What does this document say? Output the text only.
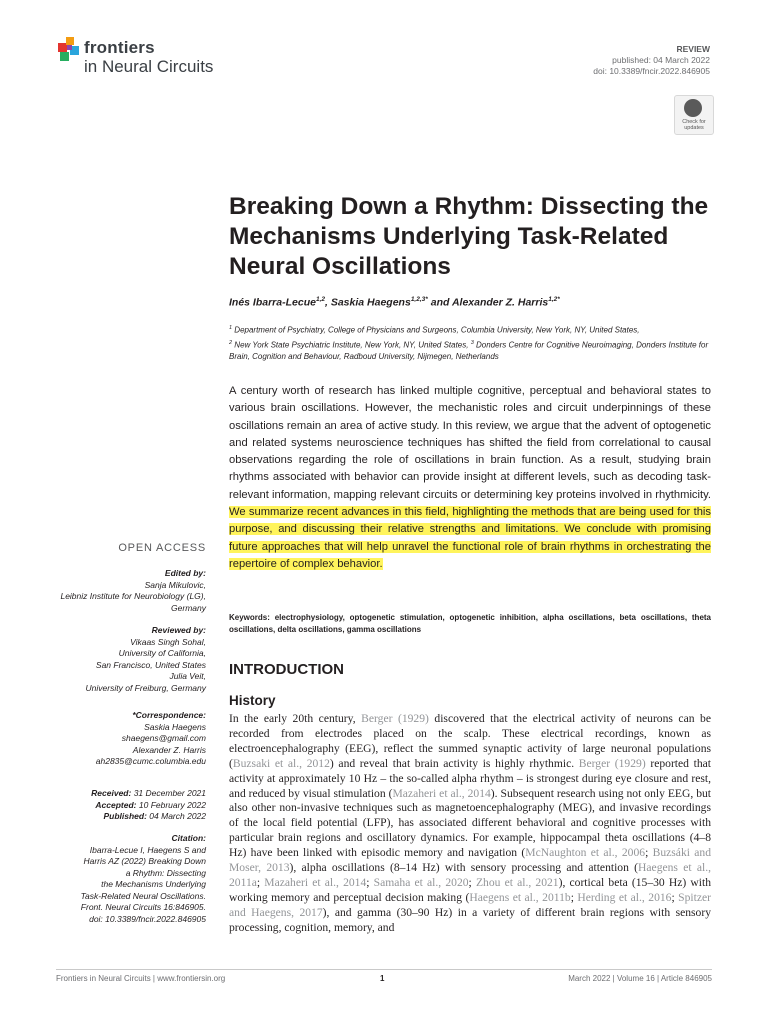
frontiers
in Neural Circuits
REVIEW
published: 04 March 2022
doi: 10.3389/fncir.2022.846905
Check for updates
Breaking Down a Rhythm: Dissecting the Mechanisms Underlying Task-Related Neural Oscillations
Inés Ibarra-Lecue$^{1,2}$, Saskia Haegens$^{1,2,3*}$ and Alexander Z. Harris$^{1,2*}$
$^1$ Department of Psychiatry, College of Physicians and Surgeons, Columbia University, New York, NY, United States,
$^2$ New York State Psychiatric Institute, New York, NY, United States, $^3$ Donders Centre for Cognitive Neuroimaging, Donders Institute for Brain, Cognition and Behaviour, Radboud University, Nijmegen, Netherlands
A century worth of research has linked multiple cognitive, perceptual and behavioral states to various brain oscillations. However, the mechanistic roles and circuit underpinnings of these oscillations remain an area of active study. In this review, we argue that the advent of optogenetic and related systems neuroscience techniques has shifted the field from correlational to causal observations regarding the role of oscillations in brain function. As a result, studying brain rhythms associated with behavior can provide insight at different levels, such as decoding task-relevant information, mapping relevant circuits or determining key proteins involved in rhythmicity. We summarize recent advances in this field, highlighting the methods that are being used for this purpose, and discussing their relative strengths and limitations. We conclude with promising future approaches that will help unravel the functional role of brain rhythms in orchestrating the repertoire of complex behavior.
Keywords: electrophysiology, optogenetic stimulation, optogenetic inhibition, alpha oscillations, beta oscillations, theta oscillations, delta oscillations, gamma oscillations
INTRODUCTION
History
In the early 20th century, Berger (1929) discovered that the electrical activity of neurons can be recorded from electrodes placed on the scalp. These electrical recordings, known as electroencephalography (EEG), reflect the summed synaptic activity of large neuronal populations (Buzsaki et al., 2012) and reveal that brain activity is highly rhythmic. Berger (1929) reported that activity at approximately 10 Hz – the so-called alpha rhythm – is strongest during eye closure and rest, and reduced by visual stimulation (Mazaheri et al., 2014). Subsequent research using not only EEG, but also other non-invasive techniques such as magnetoencephalography (MEG), and invasive recordings of the local field potential (LFP), has associated different behavioral and cognitive processes with particular brain regions and oscillatory dynamics. For example, hippocampal theta oscillations (4–8 Hz) have been linked with episodic memory and navigation (McNaughton et al., 2006; Buzsáki and Moser, 2013), alpha oscillations (8–14 Hz) with sensory processing and attention (Haegens et al., 2011a; Mazaheri et al., 2014; Samaha et al., 2020; Zhou et al., 2021), cortical beta (15–30 Hz) with working memory and perceptual decision making (Haegens et al., 2011b; Herding et al., 2016; Spitzer and Haegens, 2017), and gamma (30–90 Hz) in a variety of different brain regions with sensory processing, cognition, memory, and
OPEN ACCESS
Edited by:
Sanja Mikulovic,
Leibniz Institute for Neurobiology (LG),
Germany
Reviewed by:
Vikaas Singh Sohal,
University of California,
San Francisco, United States
Julia Veit,
University of Freiburg, Germany
*Correspondence:
Saskia Haegens
shaegens@gmail.com
Alexander Z. Harris
ah2835@cumc.columbia.edu
Received: 31 December 2021
Accepted: 10 February 2022
Published: 04 March 2022
Citation:
Ibarra-Lecue I, Haegens S and
Harris AZ (2022) Breaking Down
a Rhythm: Dissecting
the Mechanisms Underlying
Task-Related Neural Oscillations.
Front. Neural Circuits 16:846905.
doi: 10.3389/fncir.2022.846905
Frontiers in Neural Circuits | www.frontiersin.org	1	March 2022 | Volume 16 | Article 846905
